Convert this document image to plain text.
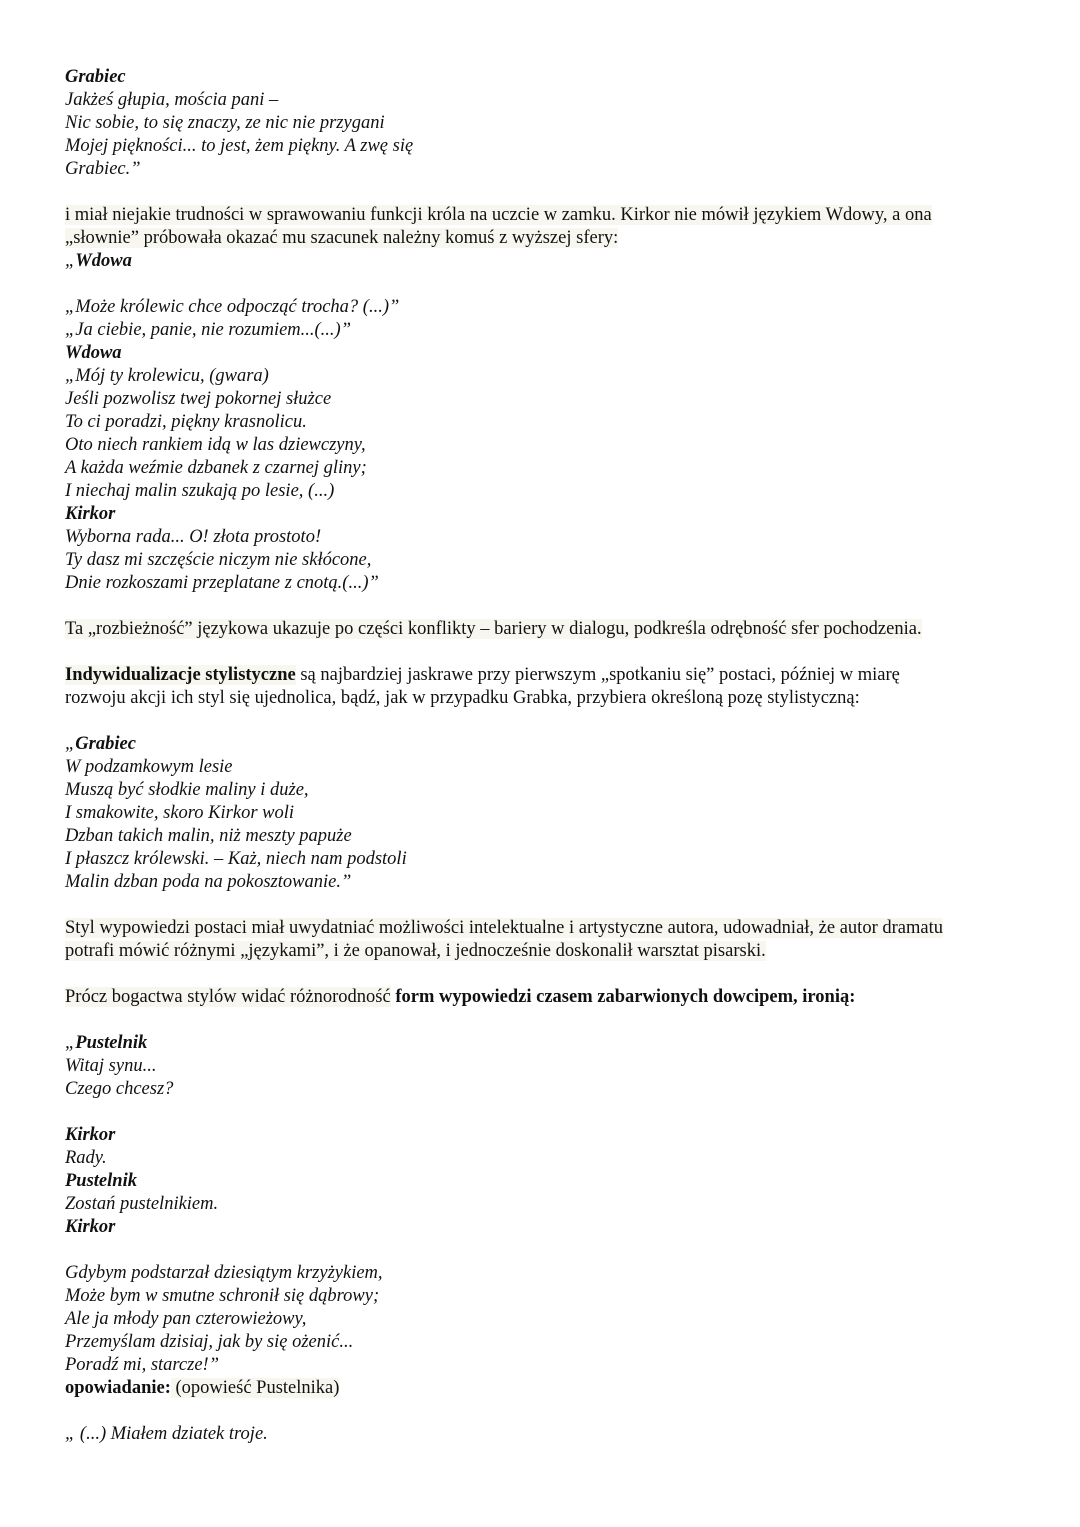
Grabiec
Jakżeś głupia, mościa pani –
Nic sobie, to się znaczy, ze nic nie przygani
Mojej piękności... to jest, żem piękny. A zwę się
Grabiec.”
i miał niejakie trudności w sprawowaniu funkcji króla na uczcie w zamku. Kirkor nie mówił językiem Wdowy, a ona
„słownie” próbowała okazać mu szacunek należny komuś z wyższej sfery:
„Wdowa
„Może królewic chce odpocząć trocha? (...)”
„Ja ciebie, panie, nie rozumiem...(...)”
Wdowa
„Mój ty krolewicu, (gwara)
Jeśli pozwolisz twej pokornej służce
To ci poradzi, piękny krasnolicu.
Oto niech rankiem idą w las dziewczyny,
A każda weźmie dzbanek z czarnej gliny;
I niechaj malin szukają po lesie, (...)
Kirkor
Wyborna rada... O! złota prostoto!
Ty dasz mi szczęście niczym nie skłócone,
Dnie rozkoszami przeplatane z cnotą.(...)”
Ta „rozbieżność” językowa ukazuje po części konflikty – bariery w dialogu, podkreśla odrębność sfer pochodzenia.
Indywidualizacje stylistyczne są najbardziej jaskrawe przy pierwszym „spotkaniu się” postaci, później w miarę
rozwoju akcji ich styl się ujednolica, bądź, jak w przypadku Grabka, przybiera określoną pozę stylistyczną:
„Grabiec
W podzamkowym lesie
Muszą być słodkie maliny i duże,
I smakowite, skoro Kirkor woli
Dzban takich malin, niż meszty papuże
I płaszcz królewski. – Każ, niech nam podstoli
Malin dzban poda na pokosztowanie.”
Styl wypowiedzi postaci miał uwydatniać możliwości intelektualne i artystyczne autora, udowadniał, że autor dramatu
potrafi mówić różnymi „językami”, i że opanował, i jednocześnie doskonalił warsztat pisarski.
Prócz bogactwa stylów widać różnorodność form wypowiedzi czasem zabarwionych dowcipem, ironią:
„Pustelnik
Witaj synu...
Czego chcesz?
Kirkor
Rady.
Pustelnik
Zostań pustelnikiem.
Kirkor
Gdybym podstarzał dziesiątym krzyżykiem,
Może bym w smutne schronił się dąbrowy;
Ale ja młody pan czterowieżowy,
Przemyślam dzisiaj, jak by się ożenić...
Poradź mi, starcze!”
opowiadanie: (opowieść Pustelnika)
„ (...) Miałem dziatek troje.
